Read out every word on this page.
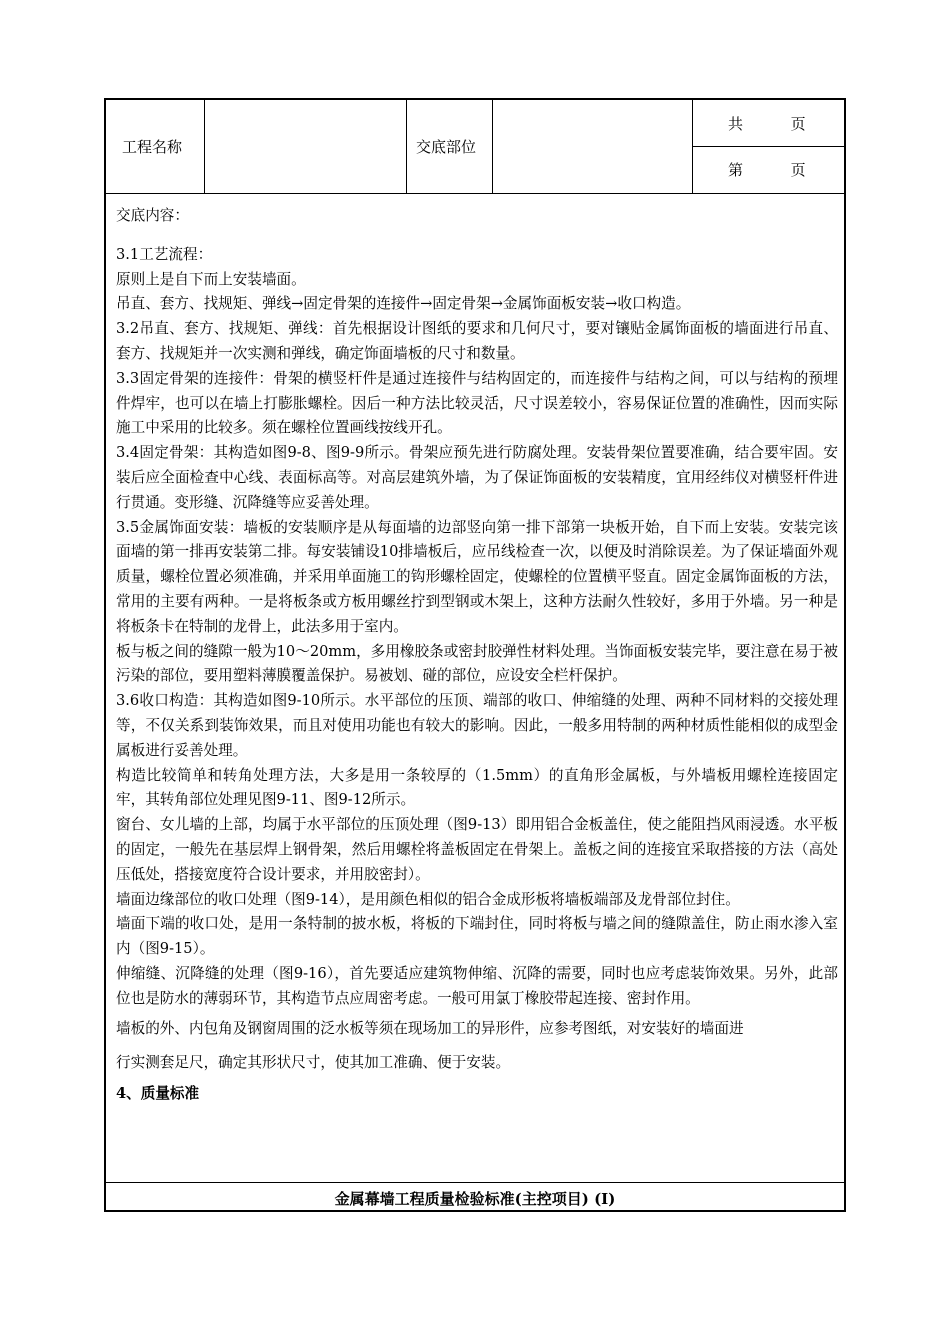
工程名称	交底部位
共          页
第          页

交底内容：

3.1工艺流程：

原则上是自下而上安装墙面。

吊直、套方、找规矩、弹线→固定骨架的连接件→固定骨架→金属饰面板安装→收口构造。

3.2吊直、套方、找规矩、弹线：首先根据设计图纸的要求和几何尺寸，要对镶贴金属饰面板的墙面进行吊直、套方、找规矩并一次实测和弹线，确定饰面墙板的尺寸和数量。

3.3固定骨架的连接件：骨架的横竖杆件是通过连接件与结构固定的，而连接件与结构之间，可以与结构的预埋件焊牢，也可以在墙上打膨胀螺栓。因后一种方法比较灵活，尺寸误差较小，容易保证位置的准确性，因而实际施工中采用的比较多。须在螺栓位置画线按线开孔。

3.4固定骨架：其构造如图9-8、图9-9所示。骨架应预先进行防腐处理。安装骨架位置要准确，结合要牢固。安装后应全面检查中心线、表面标高等。对高层建筑外墙，为了保证饰面板的安装精度，宜用经纬仪对横竖杆件进行贯通。变形缝、沉降缝等应妥善处理。

3.5金属饰面安装：墙板的安装顺序是从每面墙的边部竖向第一排下部第一块板开始，自下而上安装。安装完该面墙的第一排再安装第二排。每安装铺设10排墙板后，应吊线检查一次，以便及时消除误差。为了保证墙面外观质量，螺栓位置必须准确，并采用单面施工的钩形螺栓固定，使螺栓的位置横平竖直。固定金属饰面板的方法，常用的主要有两种。一是将板条或方板用螺丝拧到型钢或木架上，这种方法耐久性较好，多用于外墙。另一种是将板条卡在特制的龙骨上，此法多用于室内。

板与板之间的缝隙一般为10～20mm，多用橡胶条或密封胶弹性材料处理。当饰面板安装完毕，要注意在易于被污染的部位，要用塑料薄膜覆盖保护。易被划、碰的部位，应设安全栏杆保护。

3.6收口构造：其构造如图9-10所示。水平部位的压顶、端部的收口、伸缩缝的处理、两种不同材料的交接处理等，不仅关系到装饰效果，而且对使用功能也有较大的影响。因此，一般多用特制的两种材质性能相似的成型金属板进行妥善处理。

构造比较简单和转角处理方法，大多是用一条较厚的（1.5mm）的直角形金属板，与外墙板用螺栓连接固定牢，其转角部位处理见图9-11、图9-12所示。

窗台、女儿墙的上部，均属于水平部位的压顶处理（图9-13）即用铝合金板盖住，使之能阻挡风雨浸透。水平板的固定，一般先在基层焊上钢骨架，然后用螺栓将盖板固定在骨架上。盖板之间的连接宜采取搭接的方法（高处压低处，搭接宽度符合设计要求，并用胶密封）。

墙面边缘部位的收口处理（图9-14），是用颜色相似的铝合金成形板将墙板端部及龙骨部位封住。

墙面下端的收口处，是用一条特制的披水板，将板的下端封住，同时将板与墙之间的缝隙盖住，防止雨水渗入室内（图9-15）。

伸缩缝、沉降缝的处理（图9-16），首先要适应建筑物伸缩、沉降的需要，同时也应考虑装饰效果。另外，此部位也是防水的薄弱环节，其构造节点应周密考虑。一般可用氯丁橡胶带起连接、密封作用。

墙板的外、内包角及钢窗周围的泛水板等须在现场加工的异形件，应参考图纸，对安装好的墙面进

行实测套足尺，确定其形状尺寸，使其加工准确、便于安装。

4、质量标准

金属幕墙工程质量检验标准(主控项目) (I)
